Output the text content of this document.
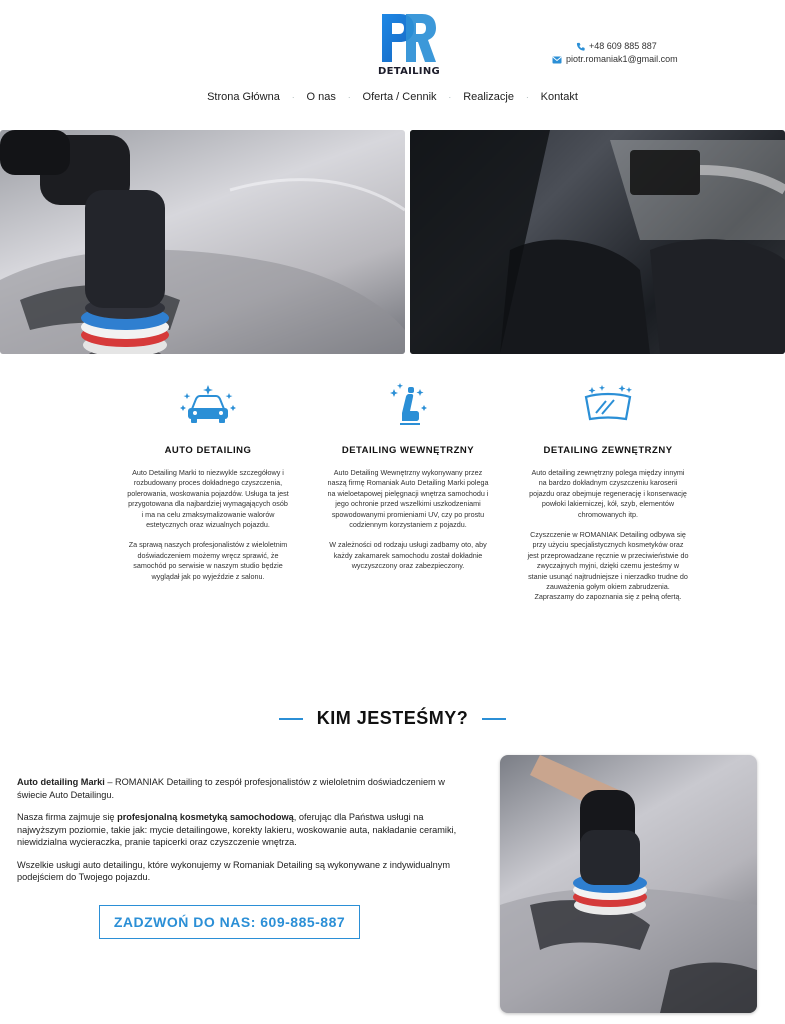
DETAILING
+48 609 885 887
piotr.romaniak1@gmail.com
Strona Główna	·	O nas	·	Oferta / Cennik	·	Realizacje	·	Kontakt
AUTO DETAILING

Auto Detailing Marki to niezwykle szczegółowy i rozbudowany proces dokładnego czyszczenia, polerowania, woskowania pojazdów. Usługa ta jest przygotowana dla najbardziej wymagających osób i ma na celu zmaksymalizowanie walorów estetycznych oraz wizualnych pojazdu.

Za sprawą naszych profesjonalistów z wieloletnim doświadczeniem możemy wręcz sprawić, że samochód po serwisie w naszym studio będzie wyglądał jak po wyjeździe z salonu.

DETAILING WEWNĘTRZNY

Auto Detailing Wewnętrzny wykonywany przez naszą firmę Romaniak Auto Detailing Marki polega na wieloetapowej pielęgnacji wnętrza samochodu i jego ochronie przed wszelkimi uszkodzeniami spowodowanymi promieniami UV, czy po prostu codziennym korzystaniem z pojazdu.

W zależności od rodzaju usługi zadbamy oto, aby każdy zakamarek samochodu został dokładnie wyczyszczony oraz zabezpieczony.

DETAILING ZEWNĘTRZNY

Auto detailing zewnętrzny polega między innymi na bardzo dokładnym czyszczeniu karoserii pojazdu oraz obejmuje regenerację i konserwację powłoki lakierniczej, kół, szyb, elementów chromowanych itp.

Czyszczenie w ROMANIAK Detailing odbywa się przy użyciu specjalistycznych kosmetyków oraz jest przeprowadzane ręcznie w przeciwieństwie do zwyczajnych myjni, dzięki czemu jesteśmy w stanie usunąć najtrudniejsze i nierzadko trudne do zauważenia gołym okiem zabrudzenia.
Zapraszamy do zapoznania się z pełną ofertą.

KIM JESTEŚMY?

Auto detailing Marki – ROMANIAK Detailing to zespół profesjonalistów z wieloletnim doświadczeniem w świecie Auto Detailingu.

Nasza firma zajmuje się profesjonalną kosmetyką samochodową, oferując dla Państwa usługi na najwyższym poziomie, takie jak: mycie detailingowe, korekty lakieru, woskowanie auta, nakładanie ceramiki, niewidzialna wycieraczka, pranie tapicerki oraz czyszczenie wnętrza.

Wszelkie usługi auto detailingu, które wykonujemy w Romaniak Detailing są wykonywane z indywidualnym podejściem do Twojego pojazdu.

ZADZWOŃ DO NAS: 609-885-887
